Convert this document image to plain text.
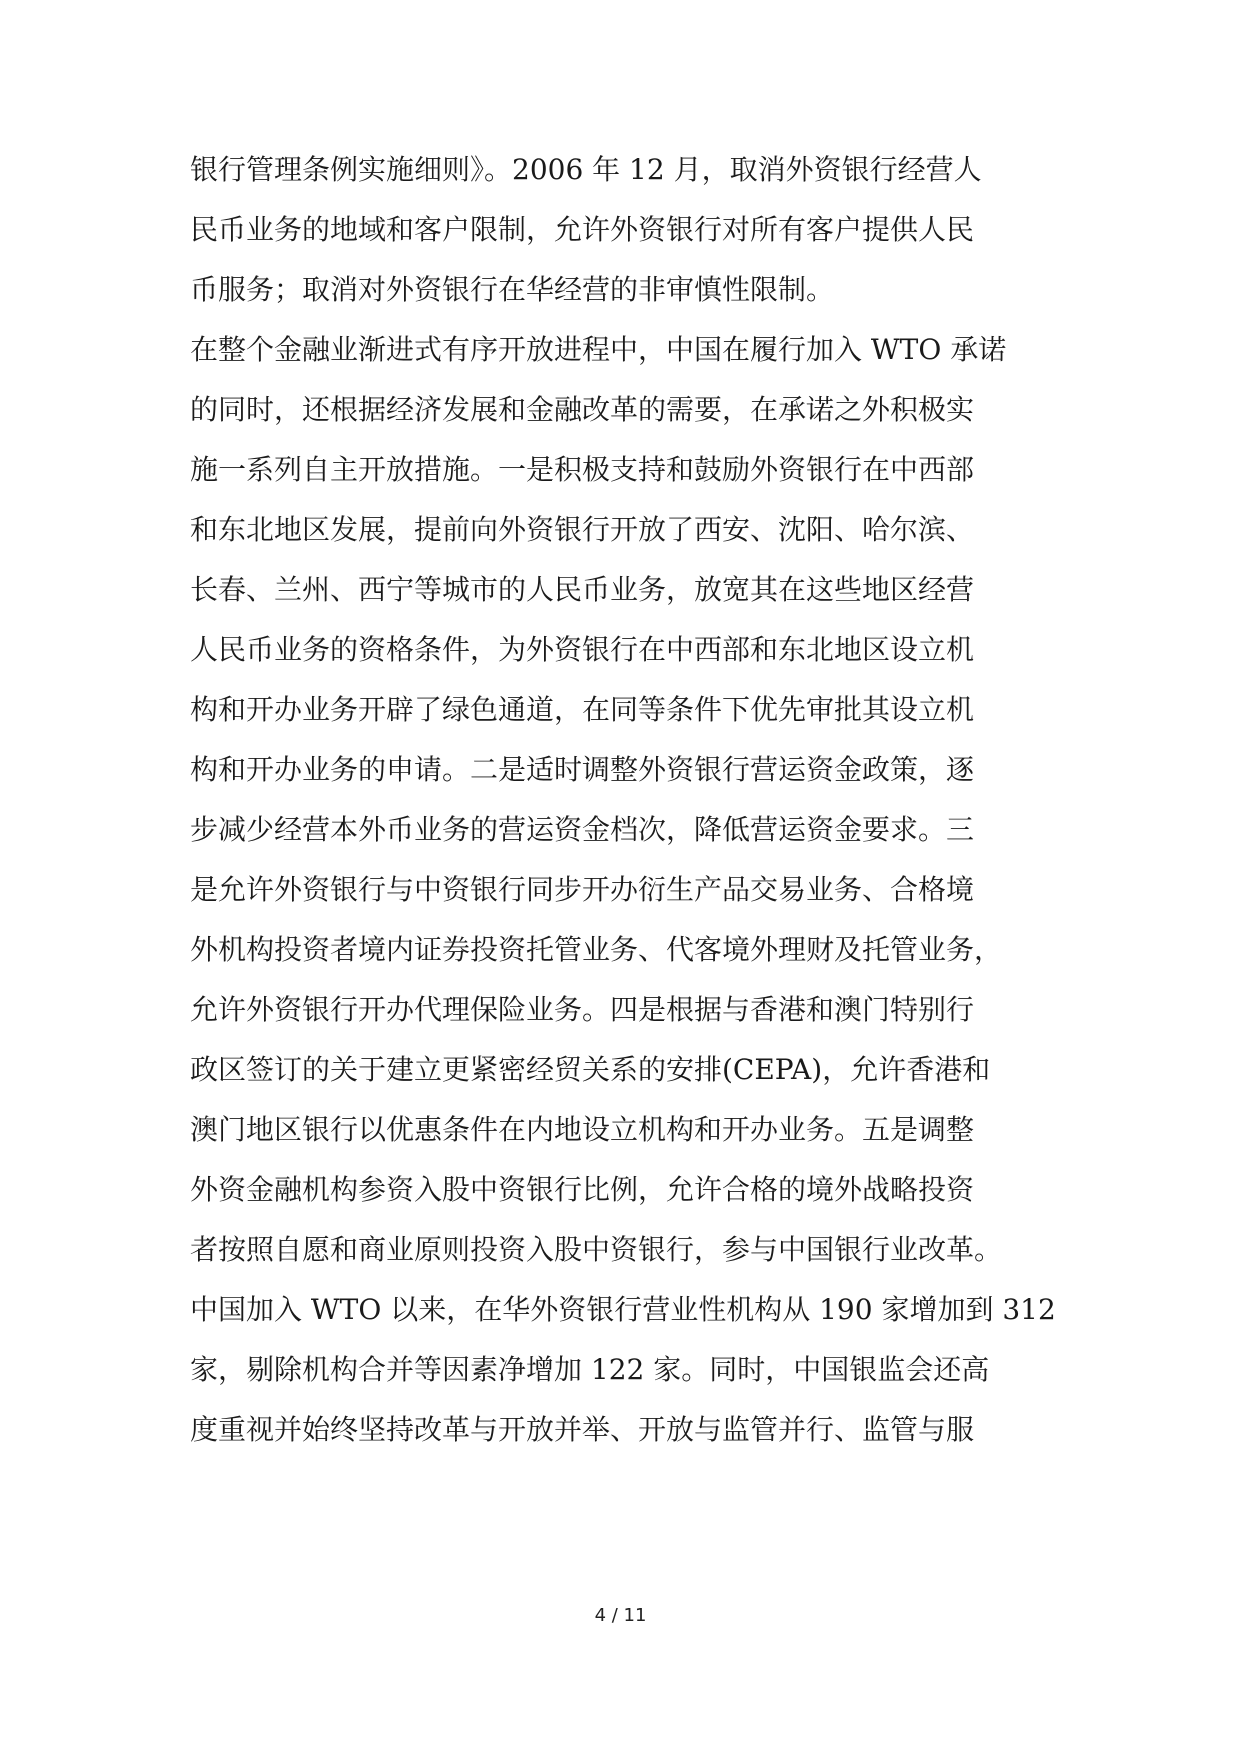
银行管理条例实施细则》。2006 年 12 月，取消外资银行经营人
民币业务的地域和客户限制，允许外资银行对所有客户提供人民
币服务；取消对外资银行在华经营的非审慎性限制。
在整个金融业渐进式有序开放进程中，中国在履行加入 WTO 承诺
的同时，还根据经济发展和金融改革的需要，在承诺之外积极实
施一系列自主开放措施。一是积极支持和鼓励外资银行在中西部
和东北地区发展，提前向外资银行开放了西安、沈阳、哈尔滨、
长春、兰州、西宁等城市的人民币业务，放宽其在这些地区经营
人民币业务的资格条件，为外资银行在中西部和东北地区设立机
构和开办业务开辟了绿色通道，在同等条件下优先审批其设立机
构和开办业务的申请。二是适时调整外资银行营运资金政策，逐
步减少经营本外币业务的营运资金档次，降低营运资金要求。三
是允许外资银行与中资银行同步开办衍生产品交易业务、合格境
外机构投资者境内证券投资托管业务、代客境外理财及托管业务，
允许外资银行开办代理保险业务。四是根据与香港和澳门特别行
政区签订的关于建立更紧密经贸关系的安排(CEPA)，允许香港和
澳门地区银行以优惠条件在内地设立机构和开办业务。五是调整
外资金融机构参资入股中资银行比例，允许合格的境外战略投资
者按照自愿和商业原则投资入股中资银行，参与中国银行业改革。
中国加入 WTO 以来，在华外资银行营业性机构从 190 家增加到 312
家，剔除机构合并等因素净增加 122 家。同时，中国银监会还高
度重视并始终坚持改革与开放并举、开放与监管并行、监管与服
4 / 11
